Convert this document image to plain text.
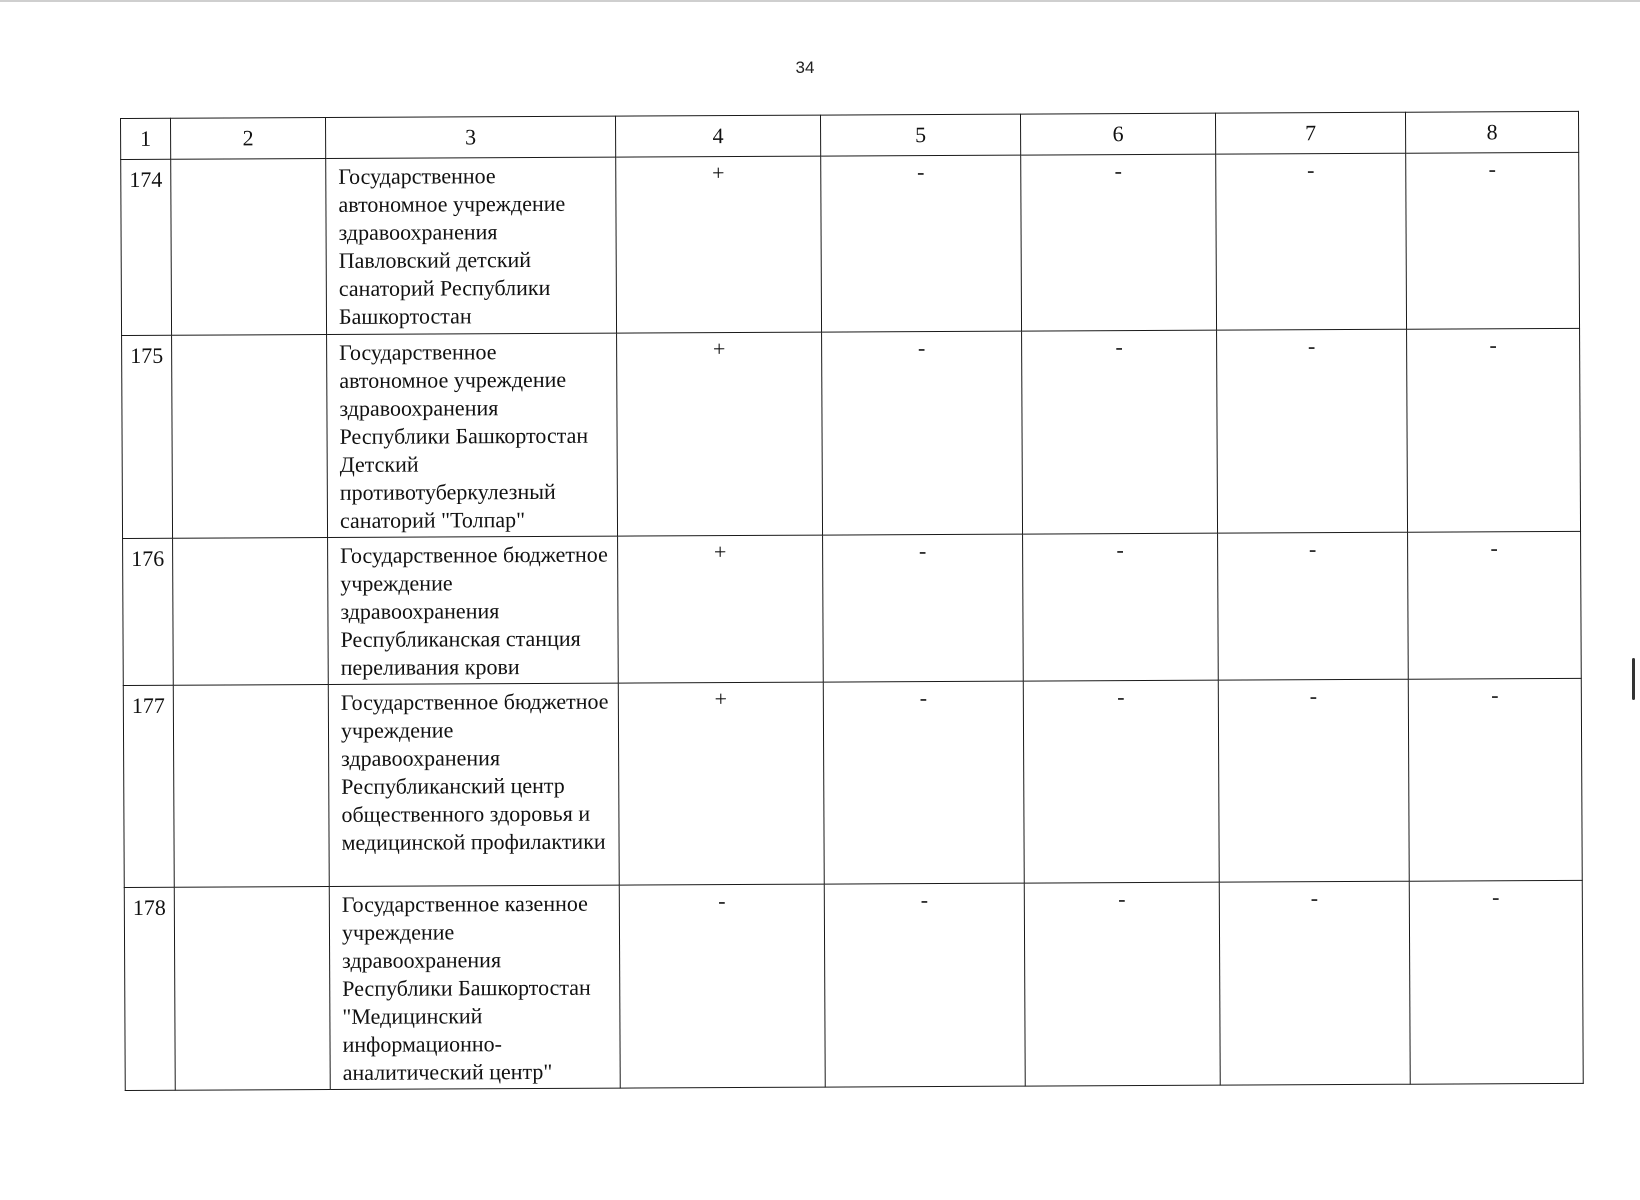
34
1	2	3	4	5	6	7	8
174		Государственное автономное учреждение здравоохранения Павловский детский санаторий Республики Башкортостан	+	-	-	-	-
175		Государственное автономное учреждение здравоохранения Республики Башкортостан Детский противотуберкулезный санаторий "Толпар"	+	-	-	-	-
176		Государственное бюджетное учреждение здравоохранения Республиканская станция переливания крови	+	-	-	-	-
177		Государственное бюджетное учреждение здравоохранения Республиканский центр общественного здоровья и медицинской профилактики	+	-	-	-	-
178		Государственное казенное учреждение здравоохранения Республики Башкортостан "Медицинский информационно-аналитический центр"	-	-	-	-	-
